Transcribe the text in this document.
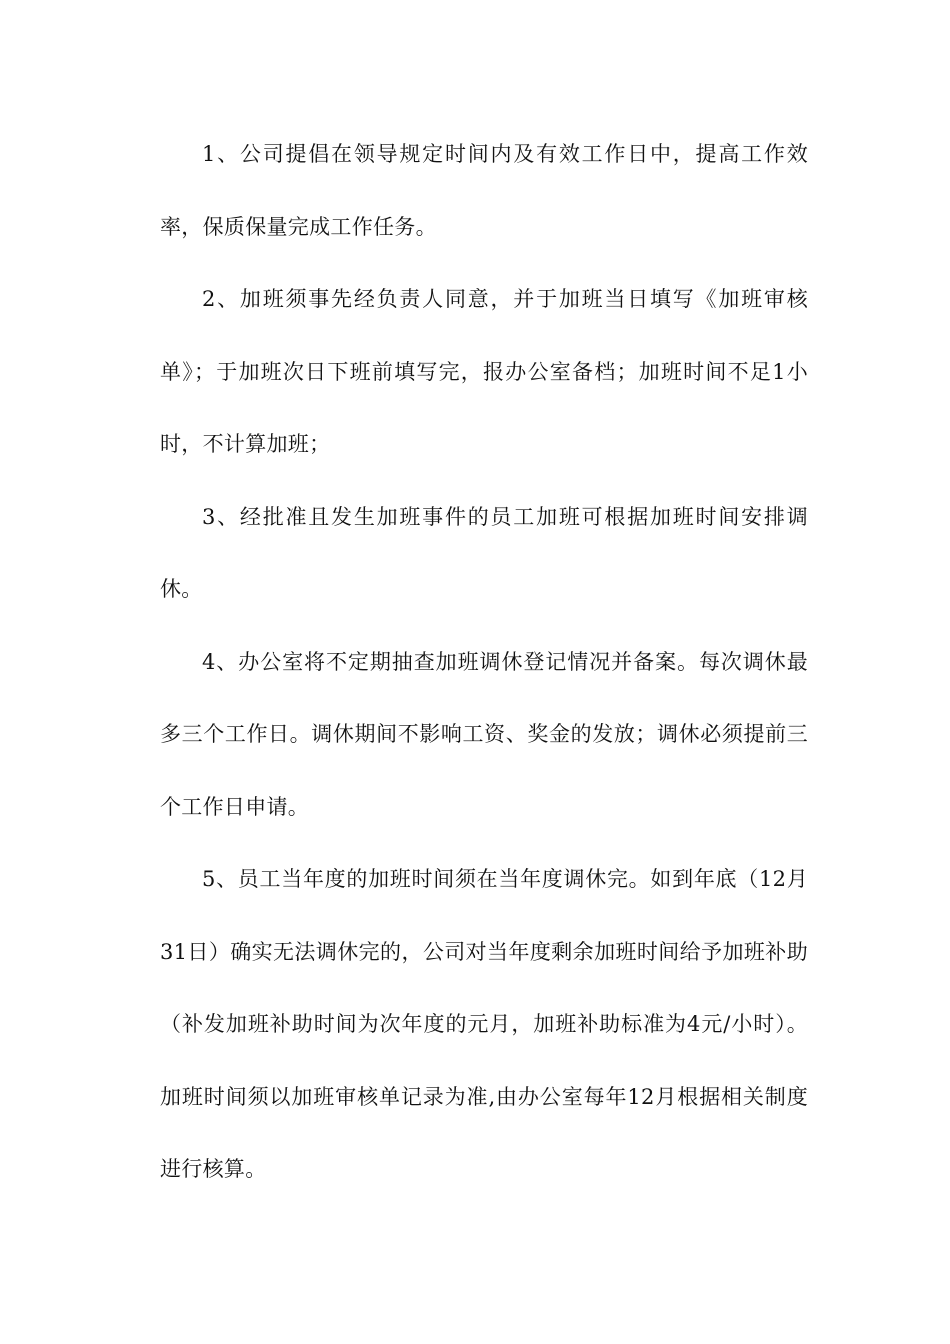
1、公司提倡在领导规定时间内及有效工作日中，提高工作效率，保质保量完成工作任务。

2、加班须事先经负责人同意，并于加班当日填写《加班审核单》；于加班次日下班前填写完，报办公室备档；加班时间不足1小时，不计算加班；

3、经批准且发生加班事件的员工加班可根据加班时间安排调休。

4、办公室将不定期抽查加班调休登记情况并备案。每次调休最多三个工作日。调休期间不影响工资、奖金的发放；调休必须提前三个工作日申请。

5、员工当年度的加班时间须在当年度调休完。如到年底（12月31日）确实无法调休完的，公司对当年度剩余加班时间给予加班补助（补发加班补助时间为次年度的元月，加班补助标准为4元/小时）。加班时间须以加班审核单记录为准,由办公室每年12月根据相关制度进行核算。
